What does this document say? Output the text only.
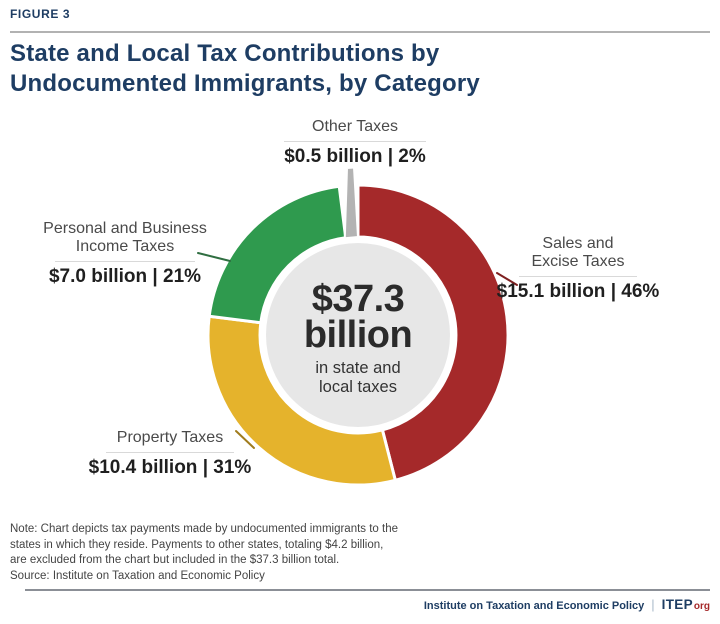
FIGURE 3
State and Local Tax Contributions by
Undocumented Immigrants, by Category
Other Taxes
$0.5 billion | 2%
Personal and Business
Income Taxes
$7.0 billion | 21%
Sales and
Excise Taxes
$15.1 billion | 46%
Property Taxes
$10.4 billion | 31%
$37.3
billion
in state and
local taxes
Note: Chart depicts tax payments made by undocumented immigrants to the
states in which they reside. Payments to other states, totaling $4.2 billion,
are excluded from the chart but included in the $37.3 billion total.
Source: Institute on Taxation and Economic Policy
Institute on Taxation and Economic Policy | ITEPorg
